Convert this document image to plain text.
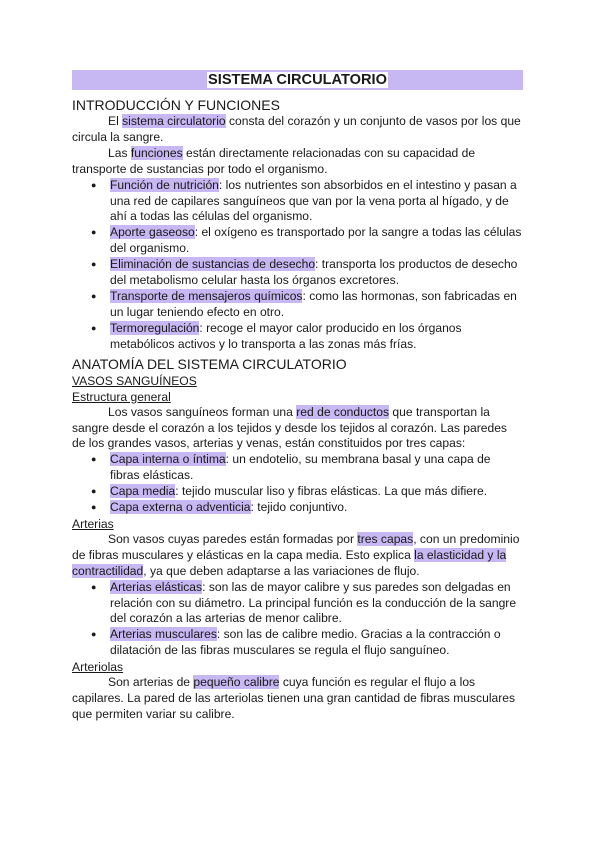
SISTEMA CIRCULATORIO
INTRODUCCIÓN Y FUNCIONES

El sistema circulatorio consta del corazón y un conjunto de vasos por los que circula la sangre.

Las funciones están directamente relacionadas con su capacidad de transporte de sustancias por todo el organismo.

● Función de nutrición: los nutrientes son absorbidos en el intestino y pasan a una red de capilares sanguíneos que van por la vena porta al hígado, y de ahí a todas las células del organismo.
● Aporte gaseoso: el oxígeno es transportado por la sangre a todas las células del organismo.
● Eliminación de sustancias de desecho: transporta los productos de desecho del metabolismo celular hasta los órganos excretores.
● Transporte de mensajeros químicos: como las hormonas, son fabricadas en un lugar teniendo efecto en otro.
● Termoregulación: recoge el mayor calor producido en los órganos metabólicos activos y lo transporta a las zonas más frías.
ANATOMÍA DEL SISTEMA CIRCULATORIO

VASOS SANGUÍNEOS

Estructura general

Los vasos sanguíneos forman una red de conductos que transportan la sangre desde el corazón a los tejidos y desde los tejidos al corazón. Las paredes de los grandes vasos, arterias y venas, están constituidos por tres capas:

● Capa interna o íntima: un endotelio, su membrana basal y una capa de fibras elásticas.
● Capa media: tejido muscular liso y fibras elásticas. La que más difiere.
● Capa externa o adventicia: tejido conjuntivo.

Arterias

Son vasos cuyas paredes están formadas por tres capas, con un predominio de fibras musculares y elásticas en la capa media. Esto explica la elasticidad y la contractilidad, ya que deben adaptarse a las variaciones de flujo.

● Arterias elásticas: son las de mayor calibre y sus paredes son delgadas en relación con su diámetro. La principal función es la conducción de la sangre del corazón a las arterias de menor calibre.
● Arterias musculares: son las de calibre medio. Gracias a la contracción o dilatación de las fibras musculares se regula el flujo sanguíneo.

Arteriolas

Son arterias de pequeño calibre cuya función es regular el flujo a los capilares. La pared de las arteriolas tienen una gran cantidad de fibras musculares que permiten variar su calibre.
